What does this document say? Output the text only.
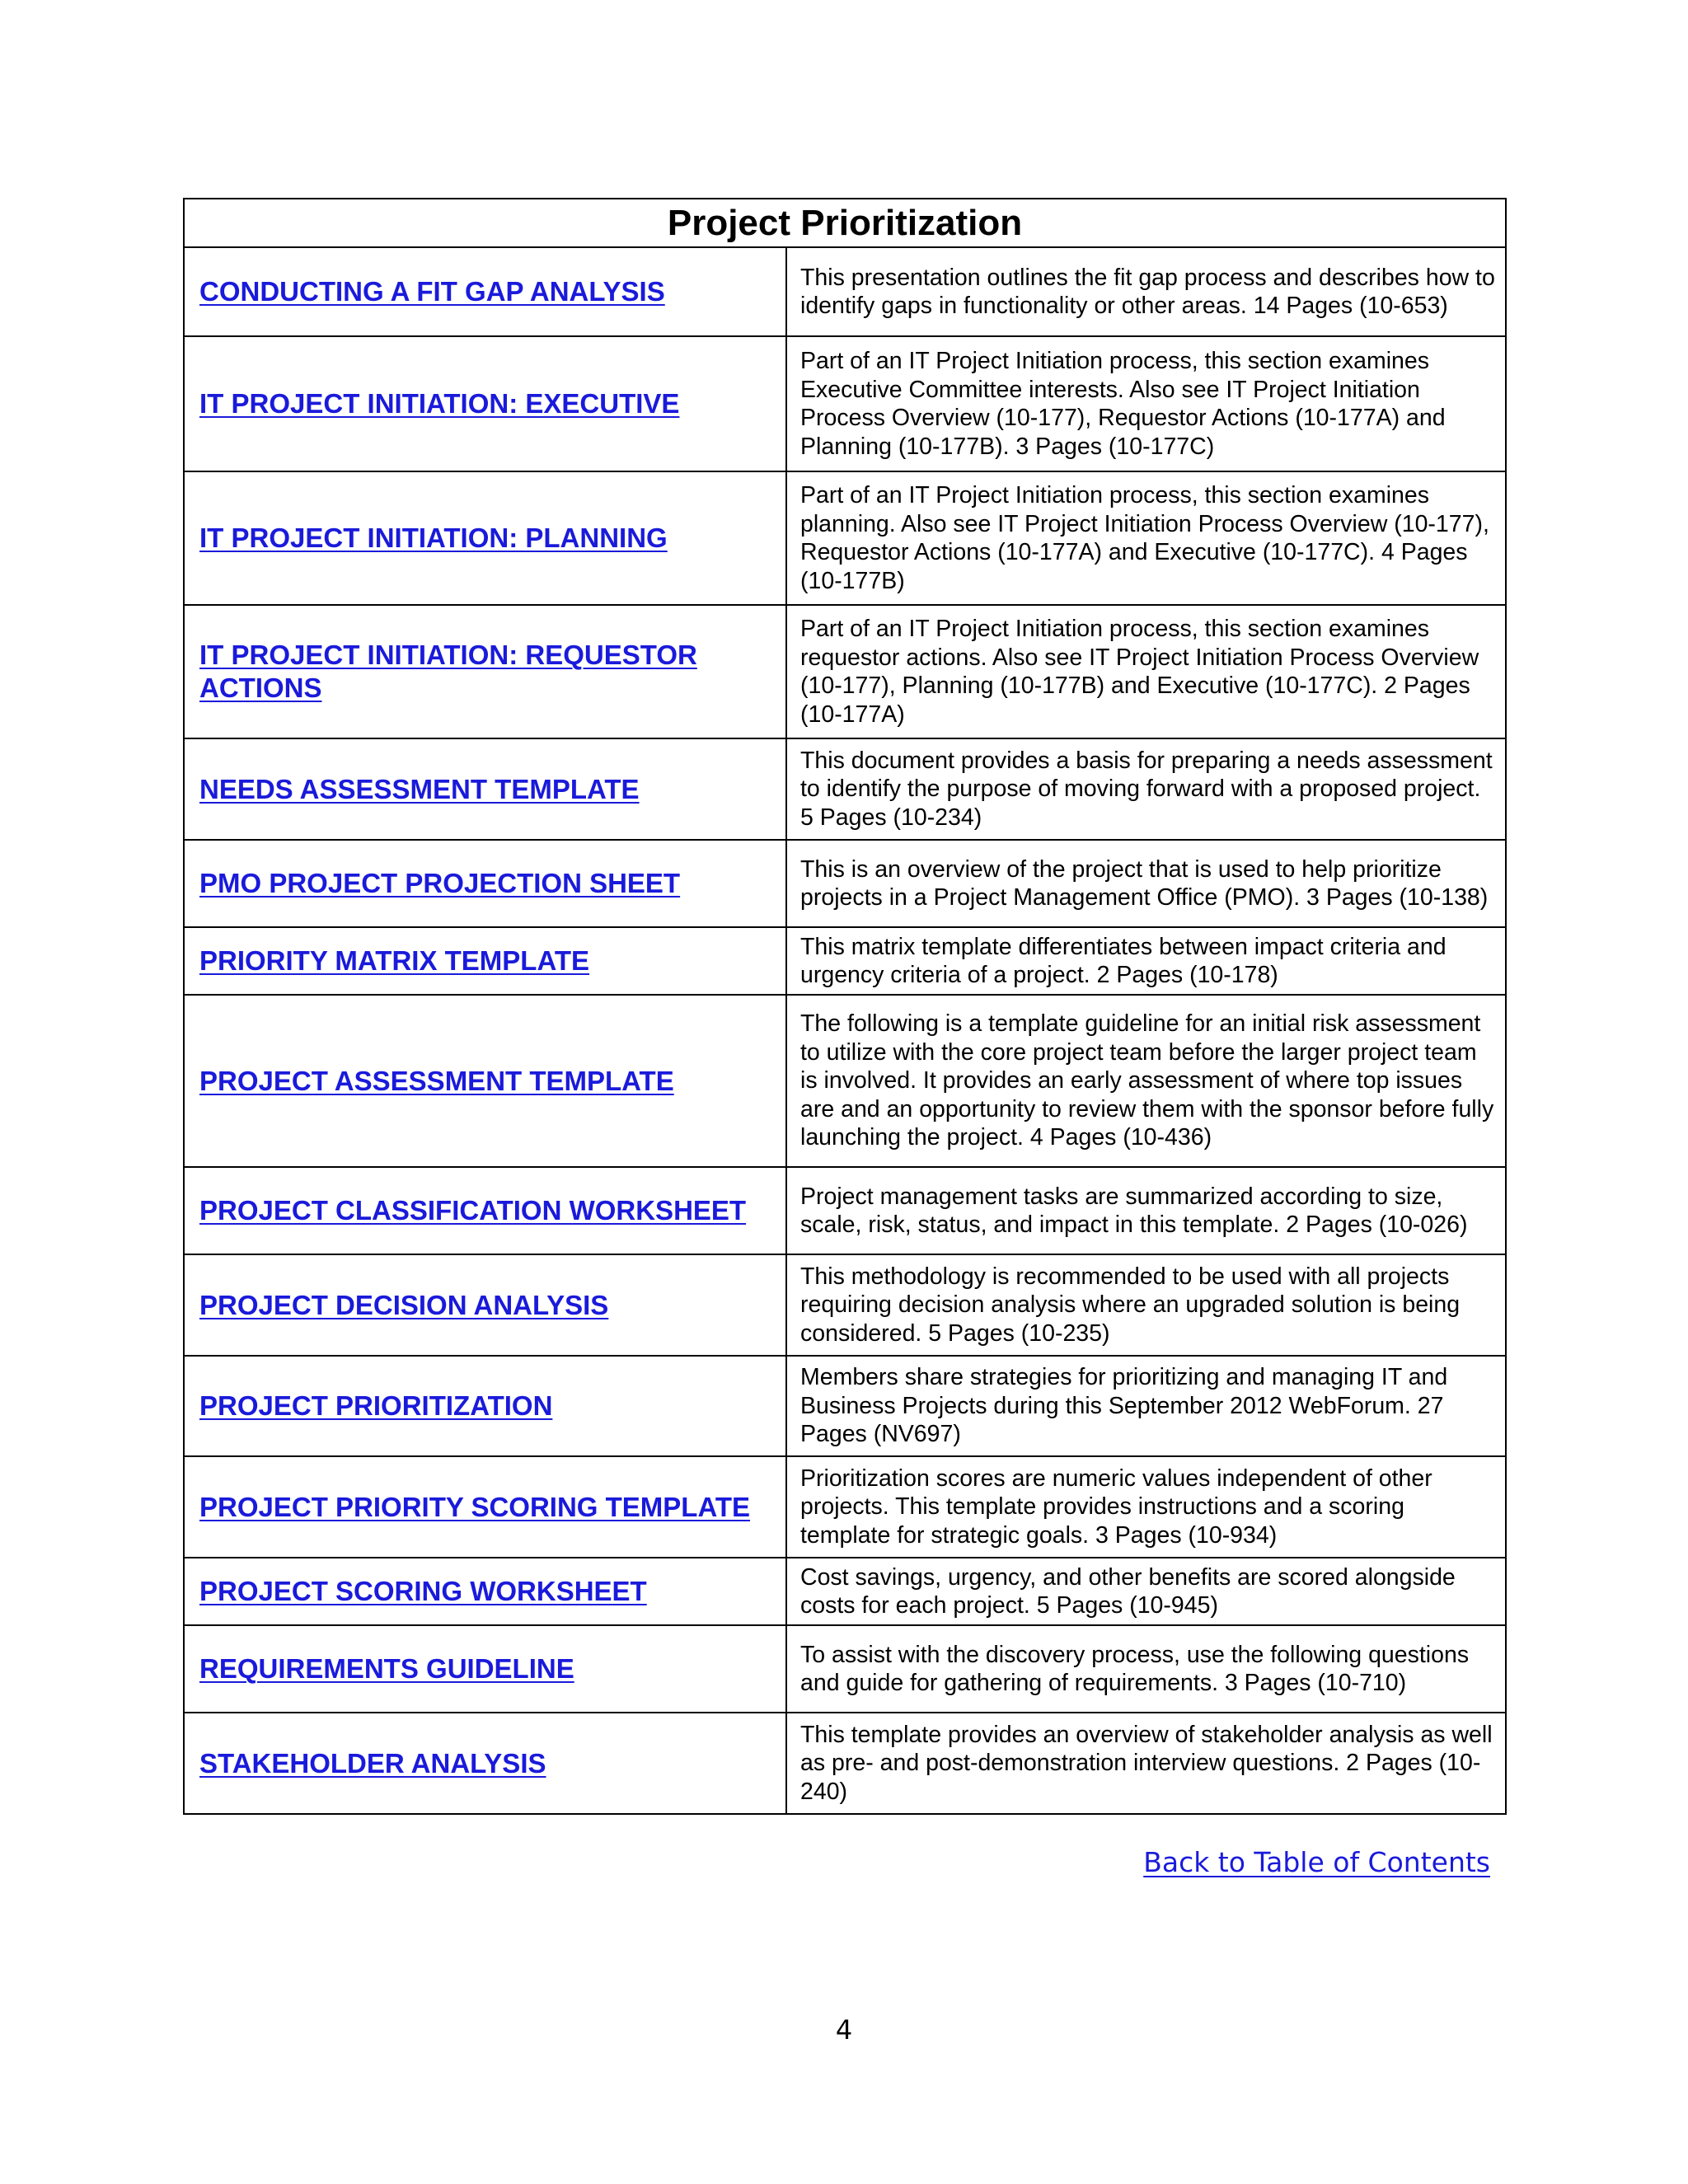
Project Prioritization	
CONDUCTING A FIT GAP ANALYSIS	This presentation outlines the fit gap process and describes how to identify gaps in functionality or other areas. 14 Pages (10-653)
IT PROJECT INITIATION: EXECUTIVE	Part of an IT Project Initiation process, this section examines Executive Committee interests. Also see IT Project Initiation Process Overview (10-177), Requestor Actions (10-177A) and Planning (10-177B). 3 Pages (10-177C)
IT PROJECT INITIATION: PLANNING	Part of an IT Project Initiation process, this section examines planning. Also see IT Project Initiation Process Overview (10-177), Requestor Actions (10-177A) and Executive (10-177C). 4 Pages (10-177B)
IT PROJECT INITIATION: REQUESTOR ACTIONS	Part of an IT Project Initiation process, this section examines requestor actions. Also see IT Project Initiation Process Overview (10-177), Planning (10-177B) and Executive (10-177C). 2 Pages (10-177A)
NEEDS ASSESSMENT TEMPLATE	This document provides a basis for preparing a needs assessment to identify the purpose of moving forward with a proposed project. 5 Pages (10-234)
PMO PROJECT PROJECTION SHEET	This is an overview of the project that is used to help prioritize projects in a Project Management Office (PMO). 3 Pages (10-138)
PRIORITY MATRIX TEMPLATE	This matrix template differentiates between impact criteria and urgency criteria of a project. 2 Pages (10-178)
PROJECT ASSESSMENT TEMPLATE	The following is a template guideline for an initial risk assessment to utilize with the core project team before the larger project team is involved. It provides an early assessment of where top issues are and an opportunity to review them with the sponsor before fully launching the project. 4 Pages (10-436)
PROJECT CLASSIFICATION WORKSHEET	Project management tasks are summarized according to size, scale, risk, status, and impact in this template. 2 Pages (10-026)
PROJECT DECISION ANALYSIS	This methodology is recommended to be used with all projects requiring decision analysis where an upgraded solution is being considered. 5 Pages (10-235)
PROJECT PRIORITIZATION	Members share strategies for prioritizing and managing IT and Business Projects during this September 2012 WebForum. 27 Pages (NV697)
PROJECT PRIORITY SCORING TEMPLATE	Prioritization scores are numeric values independent of other projects. This template provides instructions and a scoring template for strategic goals. 3 Pages (10-934)
PROJECT SCORING WORKSHEET	Cost savings, urgency, and other benefits are scored alongside costs for each project. 5 Pages (10-945)
REQUIREMENTS GUIDELINE	To assist with the discovery process, use the following questions and guide for gathering of requirements. 3 Pages (10-710)
STAKEHOLDER ANALYSIS	This template provides an overview of stakeholder analysis as well as pre- and post-demonstration interview questions. 2 Pages (10-240)
Back to Table of Contents
4
